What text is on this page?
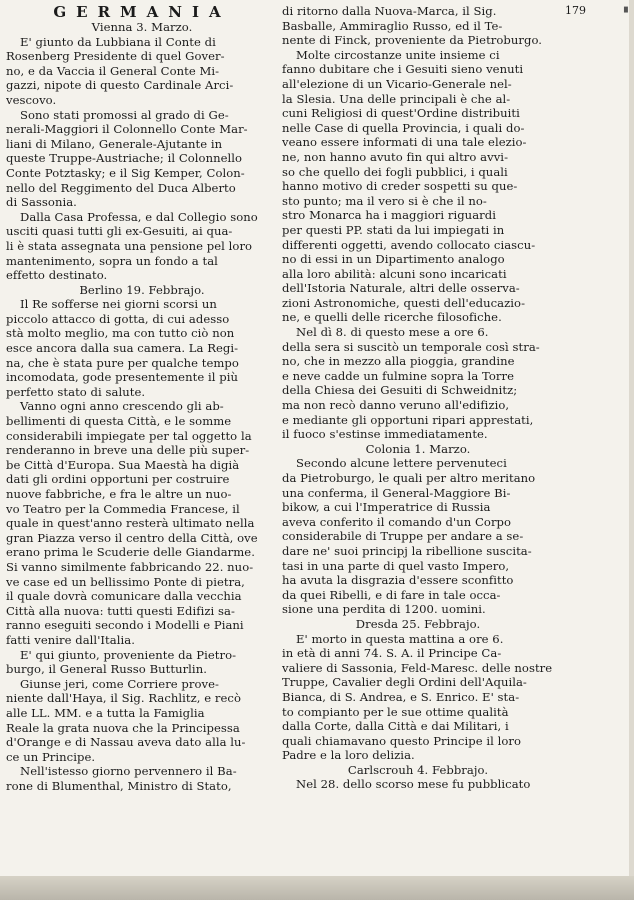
179	▝
GERMANIA
Vienna 3. Marzo.
E' giunto da Lubbiana il Conte di
Rosenberg Presidente di quel Gover-
no, e da Vaccia il General Conte Mi-
gazzi, nipote di questo Cardinale Arci-
vescovo.
Sono stati promossi al grado di Ge-
nerali-Maggiori il Colonnello Conte Mar-
liani di Milano, Generale-Ajutante in
queste Truppe-Austriache; il Colonnello
Conte Potztasky; e il Sig Kemper, Colon-
nello del Reggimento del Duca Alberto
di Sassonia.
Dalla Casa Professa, e dal Collegio sono
usciti quasi tutti gli ex-Gesuiti, ai qua-
li è stata assegnata una pensione pel loro
mantenimento, sopra un fondo a tal
effetto destinato.
Berlino 19. Febbrajo.
Il Re sofferse nei giorni scorsi un
piccolo attacco di gotta, di cui adesso
stà molto meglio, ma con tutto ciò non
esce ancora dalla sua camera. La Regi-
na, che è stata pure per qualche tempo
incomodata, gode presentemente il più
perfetto stato di salute.
Vanno ogni anno crescendo gli ab-
bellimenti di questa Città, e le somme
considerabili impiegate per tal oggetto la
renderanno in breve una delle più super-
be Città d'Europa. Sua Maestà ha digià
dati gli ordini opportuni per costruire
nuove fabbriche, e fra le altre un nuo-
vo Teatro per la Commedia Francese, il
quale in quest'anno resterà ultimato nella
gran Piazza verso il centro della Città, ove
erano prima le Scuderie delle Giandarme.
Si vanno similmente fabbricando 22. nuo-
ve case ed un bellissimo Ponte di pietra,
il quale dovrà comunicare dalla vecchia
Città alla nuova: tutti questi Edifizi sa-
ranno eseguiti secondo i Modelli e Piani
fatti venire dall'Italia.
E' qui giunto, proveniente da Pietro-
burgo, il General Russo Butturlin.
Giunse jeri, come Corriere prove-
niente dall'Haya, il Sig. Rachlitz, e recò
alle LL. MM. e a tutta la Famiglia
Reale la grata nuova che la Principessa
d'Orange e di Nassau aveva dato alla lu-
ce un Principe.
Nell'istesso giorno pervennero il Ba-
rone di Blumenthal, Ministro di Stato,
di ritorno dalla Nuova-Marca, il Sig.
Basballe, Ammiraglio Russo, ed il Te-
nente di Finck, proveniente da Pietroburgo.
Molte circostanze unite insieme ci
fanno dubitare che i Gesuiti sieno venuti
all'elezione di un Vicario-Generale nel-
la Slesia. Una delle principali è che al-
cuni Religiosi di quest'Ordine distribuiti
nelle Case di quella Provincia, i quali do-
veano essere informati di una tale elezio-
ne, non hanno avuto fin qui altro avvi-
so che quello dei fogli pubblici, i quali
hanno motivo di creder sospetti su que-
sto punto; ma il vero si è che il no-
stro Monarca ha i maggiori riguardi
per questi PP. stati da lui impiegati in
differenti oggetti, avendo collocato ciascu-
no di essi in un Dipartimento analogo
alla loro abilità: alcuni sono incaricati
dell'Istoria Naturale, altri delle osserva-
zioni Astronomiche, questi dell'educazio-
ne, e quelli delle ricerche filosofiche.
Nel dì 8. di questo mese a ore 6.
della sera si suscitò un temporale così stra-
no, che in mezzo alla pioggia, grandine
e neve cadde un fulmine sopra la Torre
della Chiesa dei Gesuiti di Schweidnitz;
ma non recò danno veruno all'edifizio,
e mediante gli opportuni ripari apprestati,
il fuoco s'estinse immediatamente.
Colonia 1. Marzo.
Secondo alcune lettere pervenuteci
da Pietroburgo, le quali per altro meritano
una conferma, il General-Maggiore Bi-
bikow, a cui l'Imperatrice di Russia
aveva conferito il comando d'un Corpo
considerabile di Truppe per andare a se-
dare ne' suoi principj la ribellione suscita-
tasi in una parte di quel vasto Impero,
ha avuta la disgrazia d'essere sconfitto
da quei Ribelli, e di fare in tale occa-
sione una perdita di 1200. uomini.
Dresda 25. Febbrajo.
E' morto in questa mattina a ore 6.
in età di anni 74. S. A. il Principe Ca-
valiere di Sassonia, Feld-Maresc. delle nostre
Truppe, Cavalier degli Ordini dell'Aquila-
Bianca, di S. Andrea, e S. Enrico. E' sta-
to compianto per le sue ottime qualità
dalla Corte, dalla Città e dai Militari, i
quali chiamavano questo Principe il loro
Padre e la loro delizia.
Carlscrouh 4. Febbrajo.
Nel 28. dello scorso mese fu pubblicato
